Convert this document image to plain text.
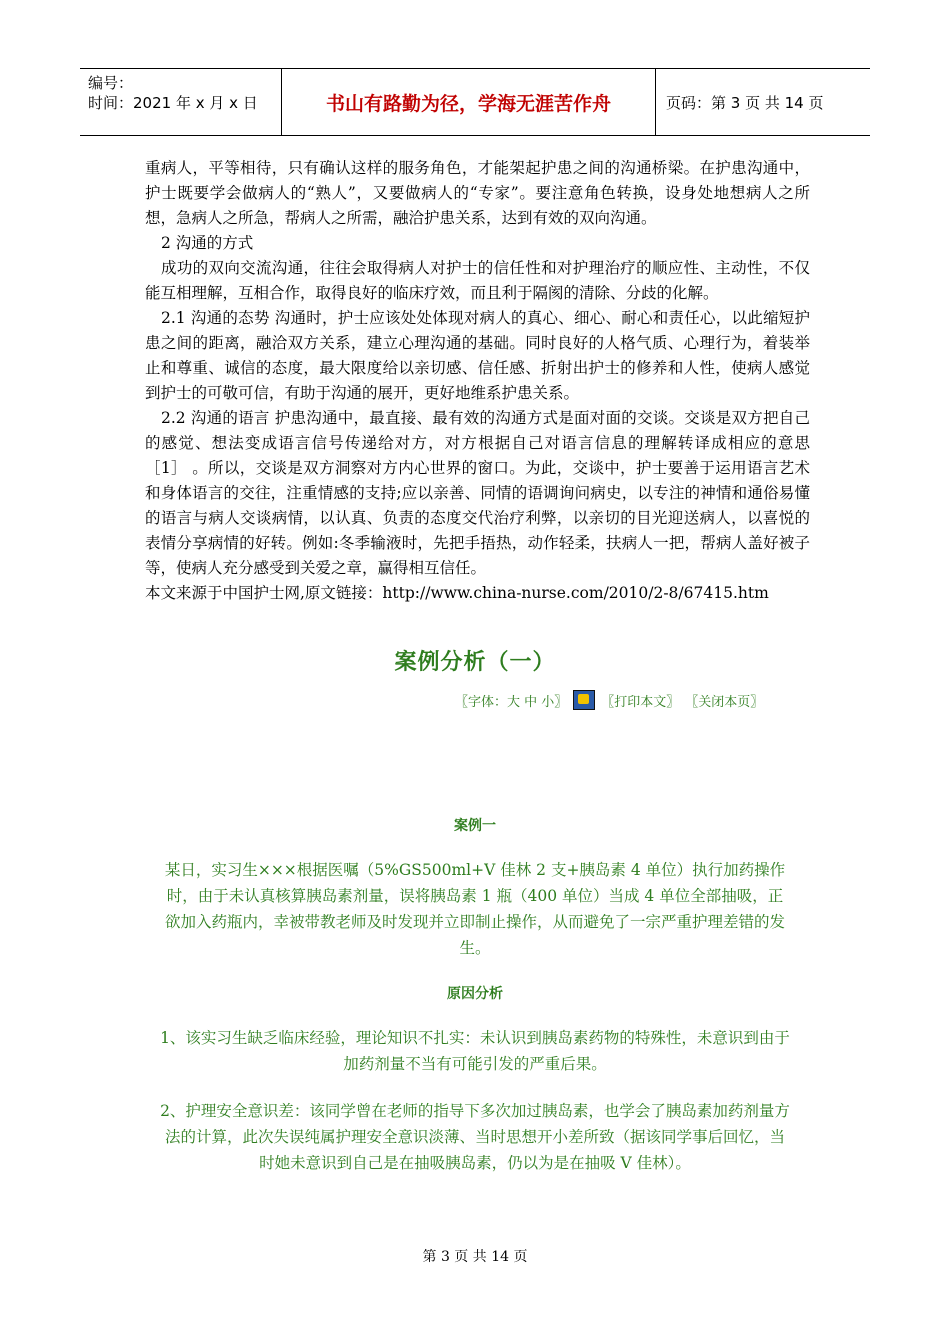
编号：
时间：2021 年 x 月 x 日	书山有路勤为径，学海无涯苦作舟	页码：第 3 页 共 14 页

重病人，平等相待，只有确认这样的服务角色，才能架起护患之间的沟通桥梁。在护患沟通中，护士既要学会做病人的“熟人”，又要做病人的“专家”。要注意角色转换，设身处地想病人之所想，急病人之所急，帮病人之所需，融洽护患关系，达到有效的双向沟通。

2 沟通的方式

成功的双向交流沟通，往往会取得病人对护士的信任性和对护理治疗的顺应性、主动性，不仅能互相理解，互相合作，取得良好的临床疗效，而且利于隔阂的清除、分歧的化解。

2.1 沟通的态势 沟通时，护士应该处处体现对病人的真心、细心、耐心和责任心，以此缩短护患之间的距离，融洽双方关系，建立心理沟通的基础。同时良好的人格气质、心理行为，着装举止和尊重、诚信的态度，最大限度给以亲切感、信任感、折射出护士的修养和人性，使病人感觉到护士的可敬可信，有助于沟通的展开，更好地维系护患关系。

2.2 沟通的语言 护患沟通中，最直接、最有效的沟通方式是面对面的交谈。交谈是双方把自己的感觉、想法变成语言信号传递给对方，对方根据自己对语言信息的理解转译成相应的意思 ［1］ 。所以，交谈是双方洞察对方内心世界的窗口。为此，交谈中，护士要善于运用语言艺术和身体语言的交往，注重情感的支持;应以亲善、同情的语调询问病史，以专注的神情和通俗易懂的语言与病人交谈病情，以认真、负责的态度交代治疗利弊，以亲切的目光迎送病人，以喜悦的表情分享病情的好转。例如:冬季输液时，先把手捂热，动作轻柔，扶病人一把，帮病人盖好被子等，使病人充分感受到关爱之章，赢得相互信任。

本文来源于中国护士网,原文链接：http://www.china-nurse.com/2010/2-8/67415.htm

案例分析（一）
〖字体：大 中 小〗	〖打印本文〗 〖关闭本页〗
案例一
某日，实习生×××根据医嘱（5%GS500ml+V 佳林 2 支+胰岛素 4 单位）执行加药操作时，由于未认真核算胰岛素剂量，误将胰岛素 1 瓶（400 单位）当成 4 单位全部抽吸，正欲加入药瓶内，幸被带教老师及时发现并立即制止操作，从而避免了一宗严重护理差错的发生。
原因分析
1、该实习生缺乏临床经验，理论知识不扎实：未认识到胰岛素药物的特殊性，未意识到由于加药剂量不当有可能引发的严重后果。
2、护理安全意识差：该同学曾在老师的指导下多次加过胰岛素，也学会了胰岛素加药剂量方法的计算，此次失误纯属护理安全意识淡薄、当时思想开小差所致（据该同学事后回忆，当时她未意识到自己是在抽吸胰岛素，仍以为是在抽吸 V 佳林）。
第 3 页 共 14 页
